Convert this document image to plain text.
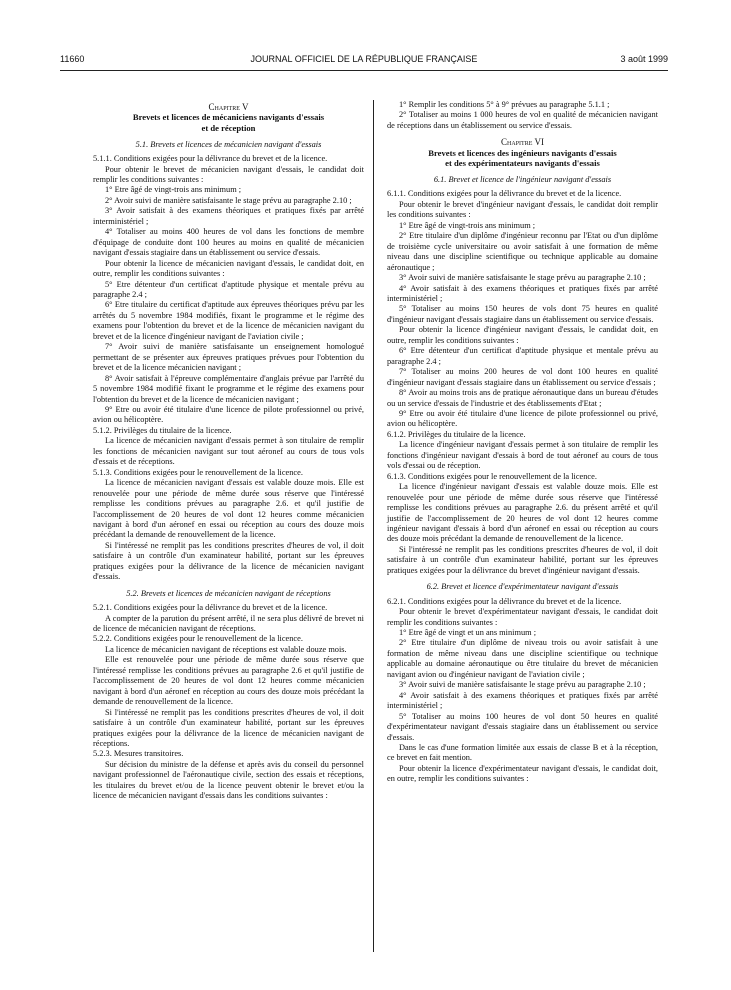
11660	JOURNAL OFFICIEL DE LA RÉPUBLIQUE FRANÇAISE	3 août 1999

Chapitre V

Brevets et licences de mécaniciens navigants d'essais
et de réception

5.1. Brevets et licences de mécanicien navigant d'essais

5.1.1. Conditions exigées pour la délivrance du brevet et de la licence.

Pour obtenir le brevet de mécanicien navigant d'essais, le candidat doit remplir les conditions suivantes :

1° Etre âgé de vingt-trois ans minimum ;

2° Avoir suivi de manière satisfaisante le stage prévu au paragraphe 2.10 ;

3° Avoir satisfait à des examens théoriques et pratiques fixés par arrêté interministériel ;

4° Totaliser au moins 400 heures de vol dans les fonctions de membre d'équipage de conduite dont 100 heures au moins en qualité de mécanicien navigant d'essais stagiaire dans un établissement ou service d'essais.

Pour obtenir la licence de mécanicien navigant d'essais, le candidat doit, en outre, remplir les conditions suivantes :

5° Etre détenteur d'un certificat d'aptitude physique et mentale prévu au paragraphe 2.4 ;

6° Etre titulaire du certificat d'aptitude aux épreuves théoriques prévu par les arrêtés du 5 novembre 1984 modifiés, fixant le programme et le régime des examens pour l'obtention du brevet et de la licence de mécanicien navigant du brevet et de la licence d'ingénieur navigant de l'aviation civile ;

7° Avoir suivi de manière satisfaisante un enseignement homologué permettant de se présenter aux épreuves pratiques prévues pour l'obtention du brevet et de la licence mécanicien navigant ;

8° Avoir satisfait à l'épreuve complémentaire d'anglais prévue par l'arrêté du 5 novembre 1984 modifié fixant le programme et le régime des examens pour l'obtention du brevet et de la licence de mécanicien navigant ;

9° Etre ou avoir été titulaire d'une licence de pilote professionnel ou privé, avion ou hélicoptère.

5.1.2. Privilèges du titulaire de la licence.

La licence de mécanicien navigant d'essais permet à son titulaire de remplir les fonctions de mécanicien navigant sur tout aéronef au cours de tous vols d'essais et de réceptions.

5.1.3. Conditions exigées pour le renouvellement de la licence.

La licence de mécanicien navigant d'essais est valable douze mois. Elle est renouvelée pour une période de même durée sous réserve que l'intéressé remplisse les conditions prévues au paragraphe 2.6. et qu'il justifie de l'accomplissement de 20 heures de vol dont 12 heures comme mécanicien navigant à bord d'un aéronef en essai ou réception au cours des douze mois précédant la demande de renouvellement de la licence.

Si l'intéressé ne remplit pas les conditions prescrites d'heures de vol, il doit satisfaire à un contrôle d'un examinateur habilité, portant sur les épreuves pratiques exigées pour la délivrance de la licence de mécanicien navigant d'essais.

5.2. Brevets et licences de mécanicien navigant de réceptions

5.2.1. Conditions exigées pour la délivrance du brevet et de la licence.

A compter de la parution du présent arrêté, il ne sera plus délivré de brevet ni de licence de mécanicien navigant de réceptions.

5.2.2. Conditions exigées pour le renouvellement de la licence.

La licence de mécanicien navigant de réceptions est valable douze mois.

Elle est renouvelée pour une période de même durée sous réserve que l'intéressé remplisse les conditions prévues au paragraphe 2.6 et qu'il justifie de l'accomplissement de 20 heures de vol dont 12 heures comme mécanicien navigant à bord d'un aéronef en réception au cours des douze mois précédant la demande de renouvellement de la licence.

Si l'intéressé ne remplit pas les conditions prescrites d'heures de vol, il doit satisfaire à un contrôle d'un examinateur habilité, portant sur les épreuves pratiques exigées pour la délivrance de la licence de mécanicien navigant de réceptions.

5.2.3. Mesures transitoires.

Sur décision du ministre de la défense et après avis du conseil du personnel navigant professionnel de l'aéronautique civile, section des essais et réceptions, les titulaires du brevet et/ou de la licence peuvent obtenir le brevet et/ou la licence de mécanicien navigant d'essais dans les conditions suivantes :

1° Remplir les conditions 5° à 9° prévues au paragraphe 5.1.1 ;

2° Totaliser au moins 1 000 heures de vol en qualité de mécanicien navigant de réceptions dans un établissement ou service d'essais.

Chapitre VI

Brevets et licences des ingénieurs navigants d'essais
et des expérimentateurs navigants d'essais

6.1. Brevet et licence de l'ingénieur navigant d'essais

6.1.1. Conditions exigées pour la délivrance du brevet et de la licence.

Pour obtenir le brevet d'ingénieur navigant d'essais, le candidat doit remplir les conditions suivantes :

1° Etre âgé de vingt-trois ans minimum ;

2° Etre titulaire d'un diplôme d'ingénieur reconnu par l'Etat ou d'un diplôme de troisième cycle universitaire ou avoir satisfait à une formation de même niveau dans une discipline scientifique ou technique applicable au domaine aéronautique ;

3° Avoir suivi de manière satisfaisante le stage prévu au paragraphe 2.10 ;

4° Avoir satisfait à des examens théoriques et pratiques fixés par arrêté interministériel ;

5° Totaliser au moins 150 heures de vols dont 75 heures en qualité d'ingénieur navigant d'essais stagiaire dans un établissement ou service d'essais.

Pour obtenir la licence d'ingénieur navigant d'essais, le candidat doit, en outre, remplir les conditions suivantes :

6° Etre détenteur d'un certificat d'aptitude physique et mentale prévu au paragraphe 2.4 ;

7° Totaliser au moins 200 heures de vol dont 100 heures en qualité d'ingénieur navigant d'essais stagiaire dans un établissement ou service d'essais ;

8° Avoir au moins trois ans de pratique aéronautique dans un bureau d'études ou un service d'essais de l'industrie et des établissements d'Etat ;

9° Etre ou avoir été titulaire d'une licence de pilote professionnel ou privé, avion ou hélicoptère.

6.1.2. Privilèges du titulaire de la licence.

La licence d'ingénieur navigant d'essais permet à son titulaire de remplir les fonctions d'ingénieur navigant d'essais à bord de tout aéronef au cours de tous vols d'essai ou de réception.

6.1.3. Conditions exigées pour le renouvellement de la licence.

La licence d'ingénieur navigant d'essais est valable douze mois. Elle est renouvelée pour une période de même durée sous réserve que l'intéressé remplisse les conditions prévues au paragraphe 2.6. du présent arrêté et qu'il justifie de l'accomplissement de 20 heures de vol dont 12 heures comme ingénieur navigant d'essais à bord d'un aéronef en essai ou réception au cours des douze mois précédant la demande de renouvellement de la licence.

Si l'intéressé ne remplit pas les conditions prescrites d'heures de vol, il doit satisfaire à un contrôle d'un examinateur habilité, portant sur les épreuves pratiques exigées pour la délivrance du brevet d'ingénieur navigant d'essais.

6.2. Brevet et licence d'expérimentateur navigant d'essais

6.2.1. Conditions exigées pour la délivrance du brevet et de la licence.

Pour obtenir le brevet d'expérimentateur navigant d'essais, le candidat doit remplir les conditions suivantes :

1° Etre âgé de vingt et un ans minimum ;

2° Etre titulaire d'un diplôme de niveau trois ou avoir satisfait à une formation de même niveau dans une discipline scientifique ou technique applicable au domaine aéronautique ou être titulaire du brevet de mécanicien navigant avion ou d'ingénieur navigant de l'aviation civile ;

3° Avoir suivi de manière satisfaisante le stage prévu au paragraphe 2.10 ;

4° Avoir satisfait à des examens théoriques et pratiques fixés par arrêté interministériel ;

5° Totaliser au moins 100 heures de vol dont 50 heures en qualité d'expérimentateur navigant d'essais stagiaire dans un établissement ou service d'essais.

Dans le cas d'une formation limitée aux essais de classe B et à la réception, ce brevet en fait mention.

Pour obtenir la licence d'expérimentateur navigant d'essais, le candidat doit, en outre, remplir les conditions suivantes :
